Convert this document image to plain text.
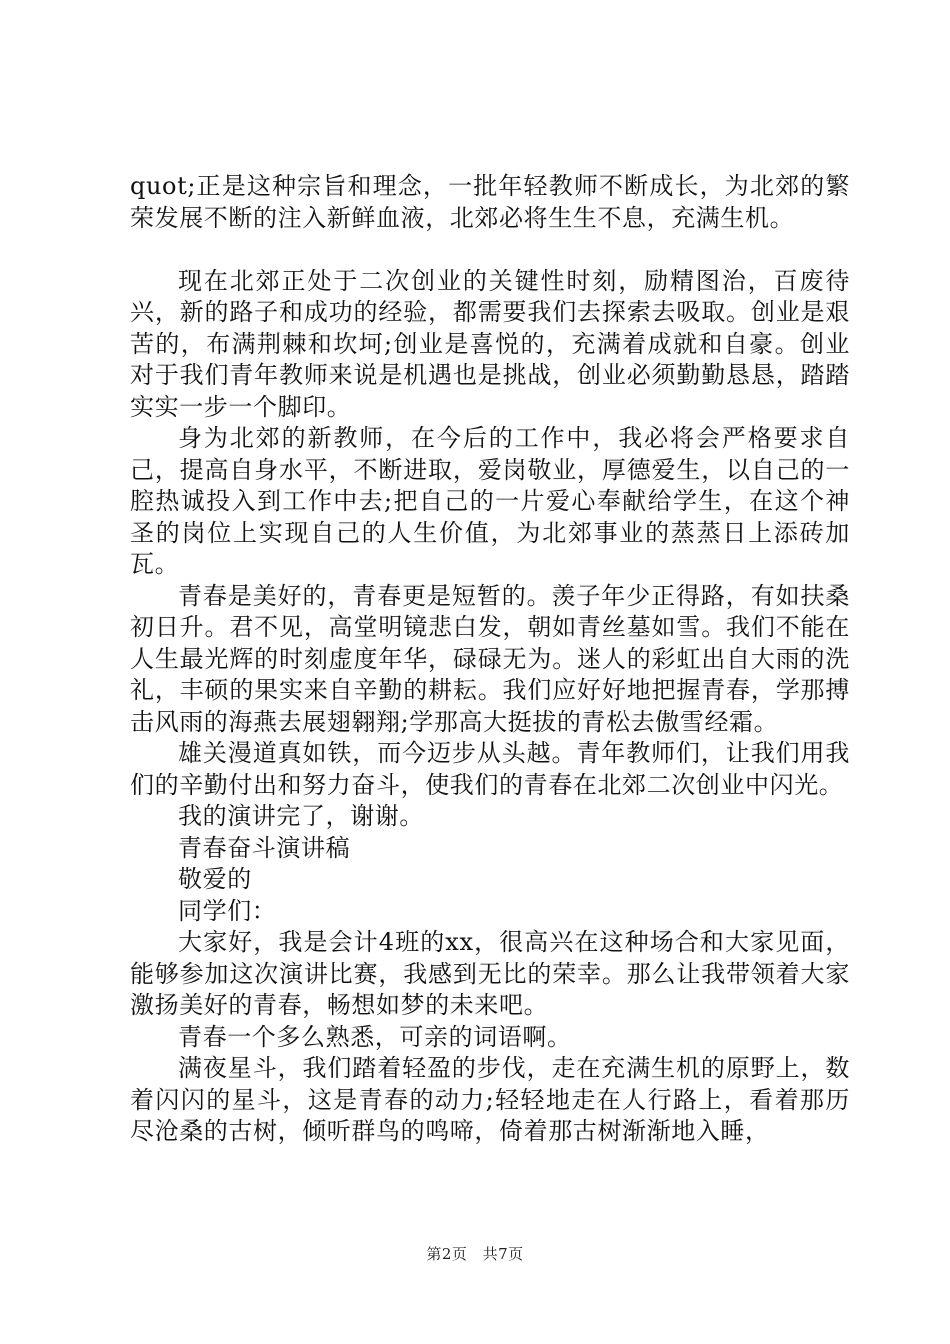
quot;正是这种宗旨和理念，一批年轻教师不断成长，为北郊的繁荣发展不断的注入新鲜血液，北郊必将生生不息，充满生机。

现在北郊正处于二次创业的关键性时刻，励精图治，百废待兴，新的路子和成功的经验，都需要我们去探索去吸取。创业是艰苦的，布满荆棘和坎坷;创业是喜悦的，充满着成就和自豪。创业对于我们青年教师来说是机遇也是挑战，创业必须勤勤恳恳，踏踏实实一步一个脚印。

身为北郊的新教师，在今后的工作中，我必将会严格要求自己，提高自身水平，不断进取，爱岗敬业，厚德爱生，以自己的一腔热诚投入到工作中去;把自己的一片爱心奉献给学生，在这个神圣的岗位上实现自己的人生价值，为北郊事业的蒸蒸日上添砖加瓦。

青春是美好的，青春更是短暂的。羡子年少正得路，有如扶桑初日升。君不见，高堂明镜悲白发，朝如青丝墓如雪。我们不能在人生最光辉的时刻虚度年华，碌碌无为。迷人的彩虹出自大雨的洗礼，丰硕的果实来自辛勤的耕耘。我们应好好地把握青春，学那搏击风雨的海燕去展翅翱翔;学那高大挺拔的青松去傲雪经霜。

雄关漫道真如铁，而今迈步从头越。青年教师们，让我们用我们的辛勤付出和努力奋斗，使我们的青春在北郊二次创业中闪光。

我的演讲完了，谢谢。

青春奋斗演讲稿

敬爱的

同学们：

大家好，我是会计4班的xx，很高兴在这种场合和大家见面，能够参加这次演讲比赛，我感到无比的荣幸。那么让我带领着大家激扬美好的青春，畅想如梦的未来吧。

青春一个多么熟悉，可亲的词语啊。

满夜星斗，我们踏着轻盈的步伐，走在充满生机的原野上，数着闪闪的星斗，这是青春的动力;轻轻地走在人行路上，看着那历尽沧桑的古树，倾听群鸟的鸣啼，倚着那古树渐渐地入睡，

第2页 共7页
